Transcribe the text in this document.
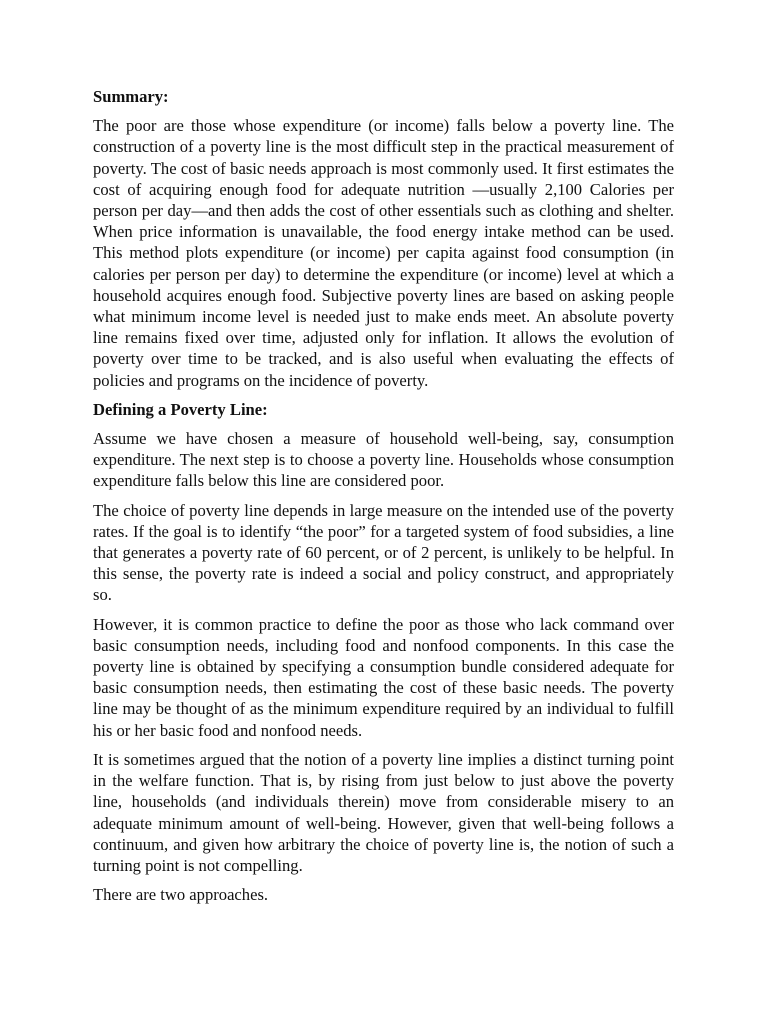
Summary:

The poor are those whose expenditure (or income) falls below a poverty line. The construction of a poverty line is the most difficult step in the practical measurement of poverty. The cost of basic needs approach is most commonly used. It first estimates the cost of acquiring enough food for adequate nutrition —usually 2,100 Calories per person per day—and then adds the cost of other essentials such as clothing and shelter. When price information is unavailable, the food energy intake method can be used. This method plots expenditure (or income) per capita against food consumption (in calories per person per day) to determine the expenditure (or income) level at which a household acquires enough food. Subjective poverty lines are based on asking people what minimum income level is needed just to make ends meet. An absolute poverty line remains fixed over time, adjusted only for inflation. It allows the evolution of poverty over time to be tracked, and is also useful when evaluating the effects of policies and programs on the incidence of poverty.

Defining a Poverty Line:

Assume we have chosen a measure of household well-being, say, consumption expenditure. The next step is to choose a poverty line. Households whose consumption expenditure falls below this line are considered poor.

The choice of poverty line depends in large measure on the intended use of the poverty rates. If the goal is to identify “the poor” for a targeted system of food subsidies, a line that generates a poverty rate of 60 percent, or of 2 percent, is unlikely to be helpful. In this sense, the poverty rate is indeed a social and policy construct, and appropriately so.

However, it is common practice to define the poor as those who lack command over basic consumption needs, including food and nonfood components. In this case the poverty line is obtained by specifying a consumption bundle considered adequate for basic consumption needs, then estimating the cost of these basic needs. The poverty line may be thought of as the minimum expenditure required by an individual to fulfill his or her basic food and nonfood needs.

It is sometimes argued that the notion of a poverty line implies a distinct turning point in the welfare function. That is, by rising from just below to just above the poverty line, households (and individuals therein) move from considerable misery to an adequate minimum amount of well-being. However, given that well-being follows a continuum, and given how arbitrary the choice of poverty line is, the notion of such a turning point is not compelling.

There are two approaches.
